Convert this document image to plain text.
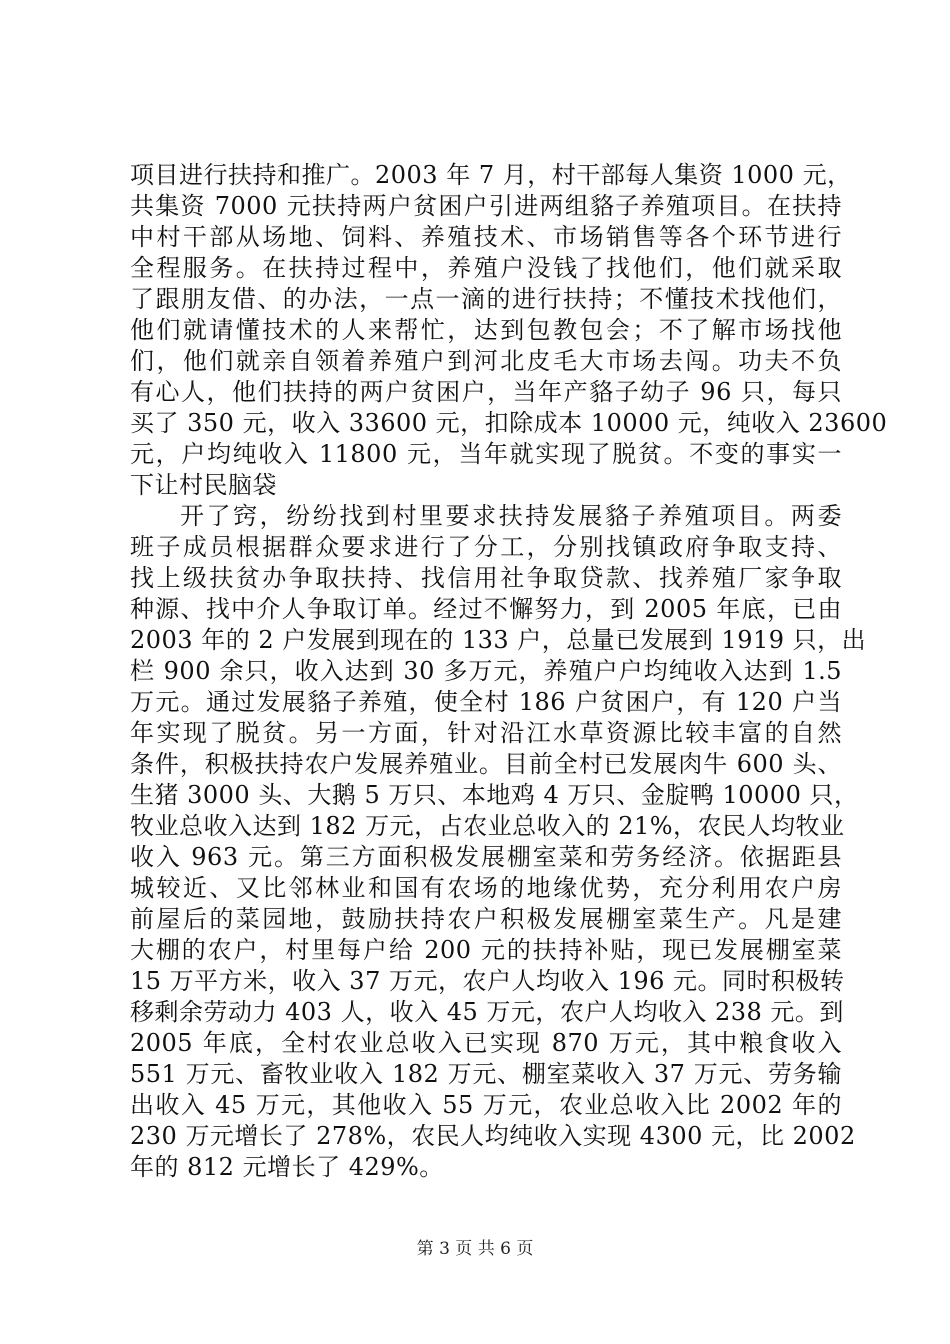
项目进行扶持和推广。2003 年 7 月，村干部每人集资 1000 元，
共集资 7000 元扶持两户贫困户引进两组貉子养殖项目。在扶持
中村干部从场地、饲料、养殖技术、市场销售等各个环节进行
全程服务。在扶持过程中，养殖户没钱了找他们，他们就采取
了跟朋友借、的办法，一点一滴的进行扶持；不懂技术找他们，
他们就请懂技术的人来帮忙，达到包教包会；不了解市场找他
们，他们就亲自领着养殖户到河北皮毛大市场去闯。功夫不负
有心人，他们扶持的两户贫困户，当年产貉子幼子 96 只，每只
买了 350 元，收入 33600 元，扣除成本 10000 元，纯收入 23600
元，户均纯收入 11800 元，当年就实现了脱贫。不变的事实一
下让村民脑袋
开了窍，纷纷找到村里要求扶持发展貉子养殖项目。两委
班子成员根据群众要求进行了分工，分别找镇政府争取支持、
找上级扶贫办争取扶持、找信用社争取贷款、找养殖厂家争取
种源、找中介人争取订单。经过不懈努力，到 2005 年底，已由
2003 年的 2 户发展到现在的 133 户，总量已发展到 1919 只，出
栏 900 余只，收入达到 30 多万元，养殖户户均纯收入达到 1.5
万元。通过发展貉子养殖，使全村 186 户贫困户，有 120 户当
年实现了脱贫。另一方面，针对沿江水草资源比较丰富的自然
条件，积极扶持农户发展养殖业。目前全村已发展肉牛 600 头、
生猪 3000 头、大鹅 5 万只、本地鸡 4 万只、金腚鸭 10000 只，
牧业总收入达到 182 万元，占农业总收入的 21%，农民人均牧业
收入 963 元。第三方面积极发展棚室菜和劳务经济。依据距县
城较近、又比邻林业和国有农场的地缘优势，充分利用农户房
前屋后的菜园地，鼓励扶持农户积极发展棚室菜生产。凡是建
大棚的农户，村里每户给 200 元的扶持补贴，现已发展棚室菜
15 万平方米，收入 37 万元，农户人均收入 196 元。同时积极转
移剩余劳动力 403 人，收入 45 万元，农户人均收入 238 元。到
2005 年底，全村农业总收入已实现 870 万元，其中粮食收入
551 万元、畜牧业收入 182 万元、棚室菜收入 37 万元、劳务输
出收入 45 万元，其他收入 55 万元，农业总收入比 2002 年的
230 万元增长了 278%，农民人均纯收入实现 4300 元，比 2002
年的 812 元增长了 429%。
第 3 页 共 6 页
